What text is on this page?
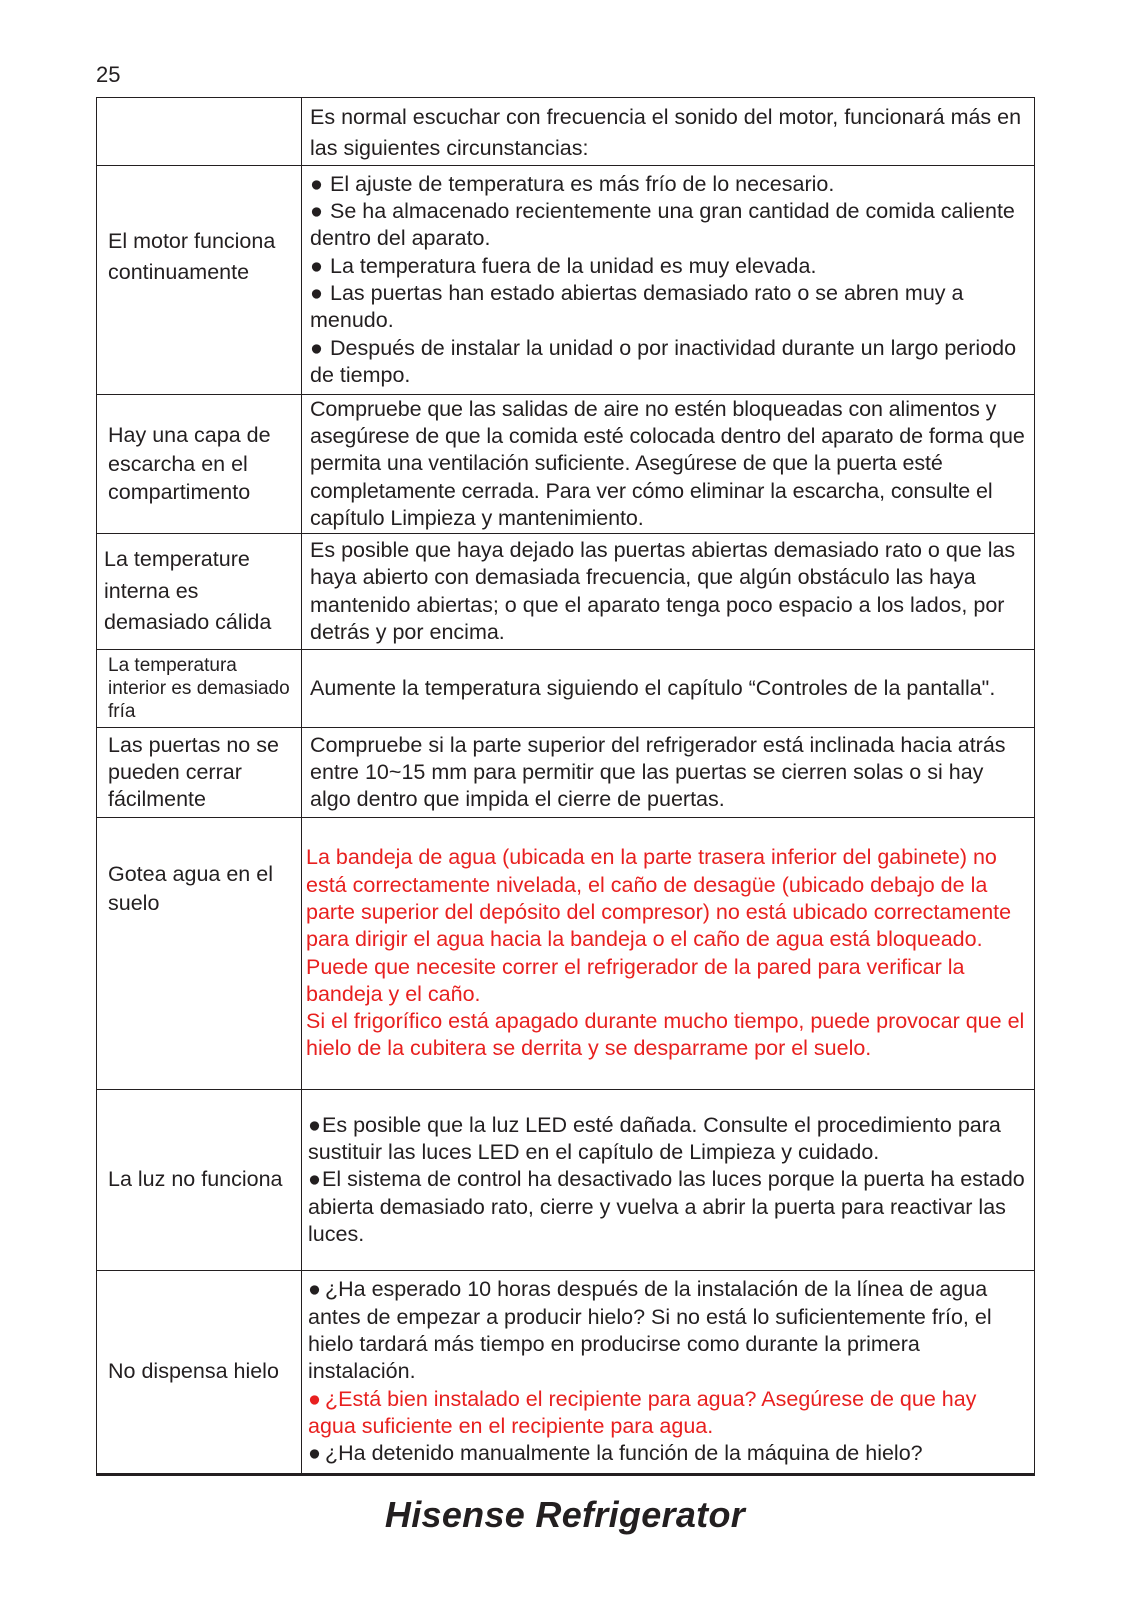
25

	Es normal escuchar con frecuencia el sonido del motor, funcionará más en las siguientes circunstancias:

El motor funciona continuamente	● El ajuste de temperatura es más frío de lo necesario.
● Se ha almacenado recientemente una gran cantidad de comida caliente dentro del aparato.
● La temperatura fuera de la unidad es muy elevada.
● Las puertas han estado abiertas demasiado rato o se abren muy a menudo.
● Después de instalar la unidad o por inactividad durante un largo periodo de tiempo.

Hay una capa de escarcha en el compartimento	Compruebe que las salidas de aire no estén bloqueadas con alimentos y asegúrese de que la comida esté colocada dentro del aparato de forma que permita una ventilación suficiente. Asegúrese de que la puerta esté completamente cerrada. Para ver cómo eliminar la escarcha, consulte el capítulo Limpieza y mantenimiento.

La temperature interna es demasiado cálida	Es posible que haya dejado las puertas abiertas demasiado rato o que las haya abierto con demasiada frecuencia, que algún obstáculo las haya mantenido abiertas; o que el aparato tenga poco espacio a los lados, por detrás y por encima.

La temperatura interior es demasiado fría	Aumente la temperatura siguiendo el capítulo “Controles de la pantalla".

Las puertas no se pueden cerrar fácilmente	Compruebe si la parte superior del refrigerador está inclinada hacia atrás entre 10~15 mm para permitir que las puertas se cierren solas o si hay algo dentro que impida el cierre de puertas.

Gotea agua en el suelo	La bandeja de agua (ubicada en la parte trasera inferior del gabinete) no está correctamente nivelada, el caño de desagüe (ubicado debajo de la parte superior del depósito del compresor) no está ubicado correctamente para dirigir el agua hacia la bandeja o el caño de agua está bloqueado. Puede que necesite correr el refrigerador de la pared para verificar la bandeja y el caño.
Si el frigorífico está apagado durante mucho tiempo, puede provocar que el hielo de la cubitera se derrita y se desparrame por el suelo.

La luz no funciona	●Es posible que la luz LED esté dañada. Consulte el procedimiento para sustituir las luces LED en el capítulo de Limpieza y cuidado.
●El sistema de control ha desactivado las luces porque la puerta ha estado abierta demasiado rato, cierre y vuelva a abrir la puerta para reactivar las luces.

No dispensa hielo	● ¿Ha esperado 10 horas después de la instalación de la línea de agua antes de empezar a producir hielo? Si no está lo suficientemente frío, el hielo tardará más tiempo en producirse como durante la primera instalación.
● ¿Está bien instalado el recipiente para agua? Asegúrese de que hay agua suficiente en el recipiente para agua.
● ¿Ha detenido manualmente la función de la máquina de hielo?
Hisense Refrigerator
